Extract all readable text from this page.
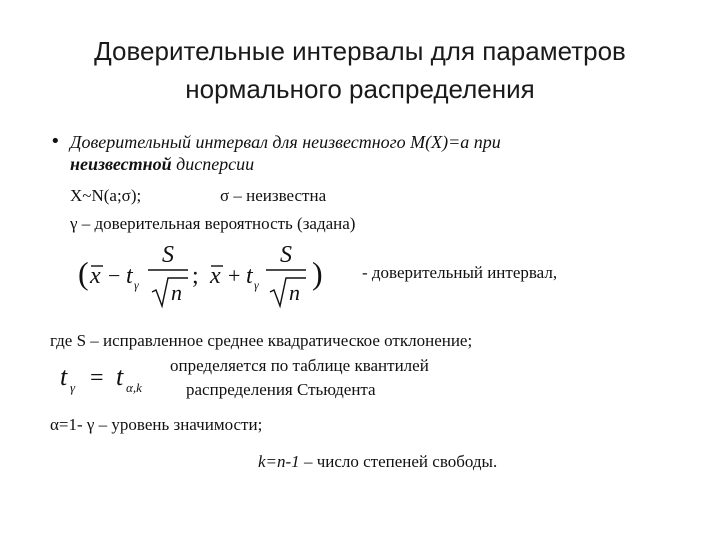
Доверительные интервалы для параметров
нормального распределения
• Доверительный интервал для неизвестного M(X)=a при
неизвестной дисперсии
X~N(a;σ);	σ – неизвестна
γ – доверительная вероятность (задана)
( x − t γ
S
n
; x + t γ
S
n
) - доверительный интервал,
где S – исправленное среднее квадратическое отклонение;
t γ = t α,k
определяется по таблице квантилей
распределения Стьюдента
α=1- γ – уровень значимости;
k=n-1 – число степеней свободы.
